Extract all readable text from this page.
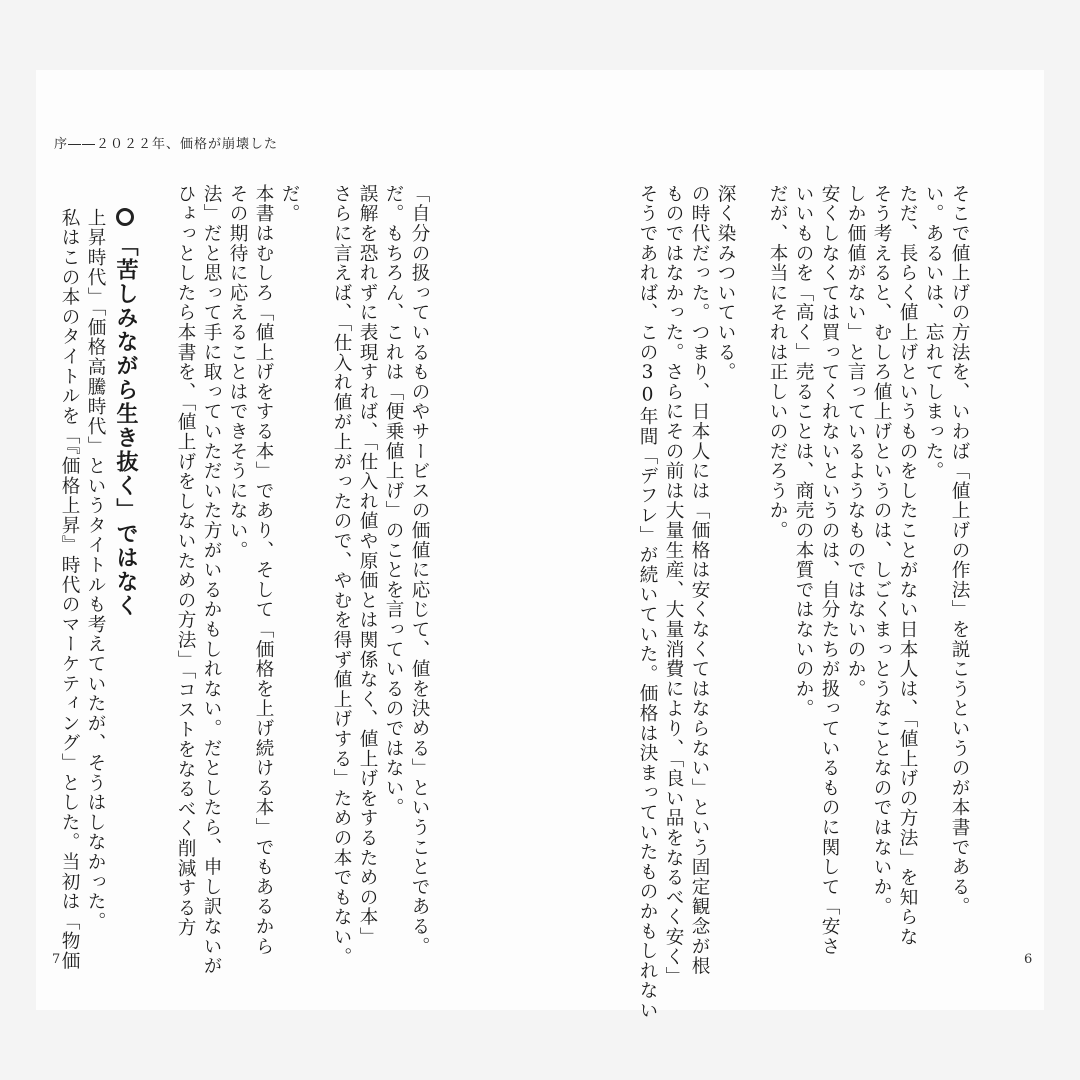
序――２０２２年、価格が崩壊した
そこで値上げの方法を、いわば「値上げの作法」を説こうというのが本書である。
い。あるいは、忘れてしまった。
ただ、長らく値上げというものをしたことがない日本人は、「値上げの方法」を知らな
そう考えると、むしろ値上げというのは、しごくまっとうなことなのではないか。
しか価値がない」と言っているようなものではないのか。
安くしなくては買ってくれないというのは、自分たちが扱っているものに関して「安さ
いいものを「高く」売ることは、商売の本質ではないのか。
だが、本当にそれは正しいのだろうか。
深く染みついている。
の時代だった。つまり、日本人には「価格は安くなくてはならない」という固定観念が根
ものではなかった。さらにその前は大量生産、大量消費により、「良い品をなるべく安く」
そうであれば、この30年間「デフレ」が続いていた。価格は決まっていたものかもしれない
「自分の扱っているものやサービスの価値に応じて、値を決める」ということである。
だ。もちろん、これは「便乗値上げ」のことを言っているのではない。
誤解を恐れずに表現すれば、「仕入れ値や原価とは関係なく、値上げをするための本」
さらに言えば、「仕入れ値が上がったので、やむを得ず値上げする」ための本でもない。
だ。
本書はむしろ「値上げをする本」であり、そして「価格を上げ続ける本」でもあるから
その期待に応えることはできそうにない。
法」だと思って手に取っていただいた方がいるかもしれない。だとしたら、申し訳ないが
ひょっとしたら本書を、「値上げをしないための方法」「コストをなるべく削減する方
「苦しみながら生き抜く」ではなく
上昇時代」「価格高騰時代」というタイトルも考えていたが、そうはしなかった。
私はこの本のタイトルを「『価格上昇』時代のマーケティング」とした。当初は「物価
7	6
